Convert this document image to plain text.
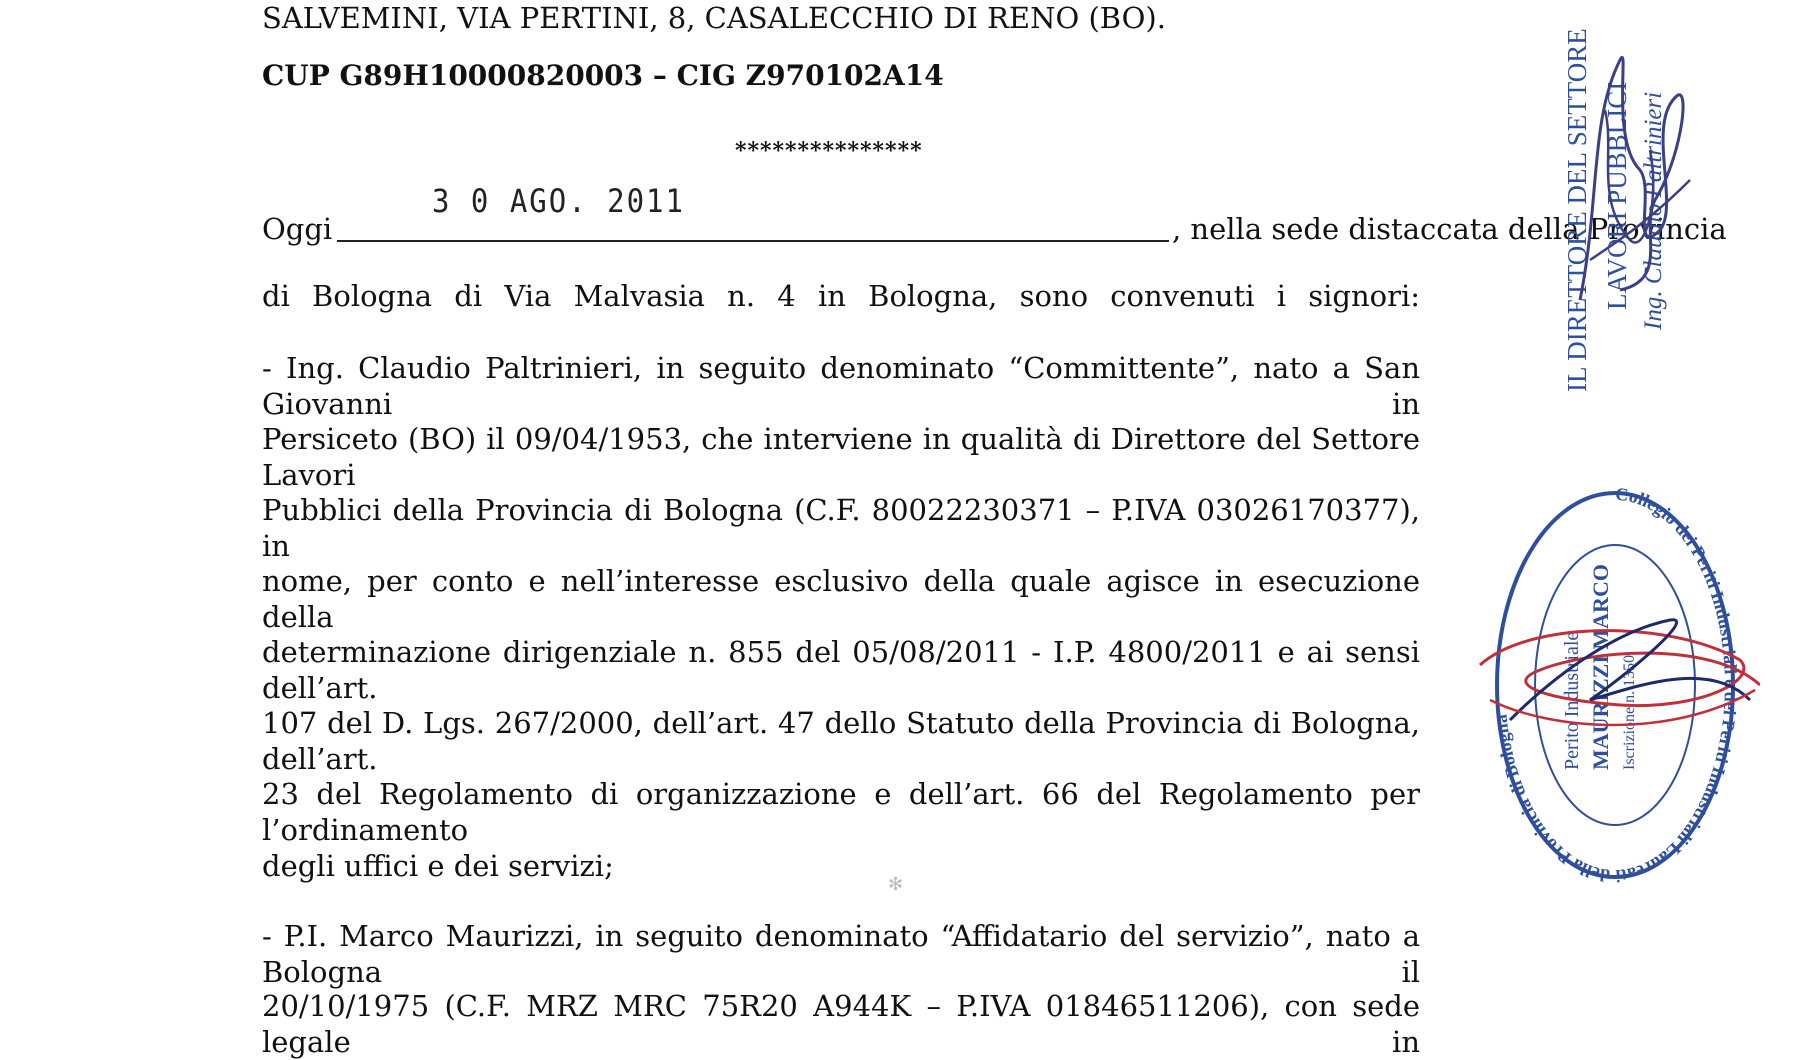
SALVEMINI, VIA PERTINI, 8, CASALECCHIO DI RENO (BO).
CUP G89H10000820003 – CIG Z970102A14
***************
3 0 AGO. 2011
Oggi	, nella sede distaccata della Provincia
di Bologna di Via Malvasia n. 4 in Bologna, sono convenuti i signori:
- Ing. Claudio Paltrinieri, in seguito denominato “Committente”, nato a San Giovanni in
Persiceto (BO) il 09/04/1953, che interviene in qualità di Direttore del Settore Lavori
Pubblici della Provincia di Bologna (C.F. 80022230371 – P.IVA 03026170377), in
nome, per conto e nell’interesse esclusivo della quale agisce in esecuzione della
determinazione dirigenziale n. 855 del 05/08/2011 - I.P. 4800/2011 e ai sensi dell’art.
107 del D. Lgs. 267/2000, dell’art. 47 dello Statuto della Provincia di Bologna, dell’art.
23 del Regolamento di organizzazione e dell’art. 66 del Regolamento per l’ordinamento
degli uffici e dei servizi;
- P.I. Marco Maurizzi, in seguito denominato “Affidatario del servizio”, nato a Bologna il
20/10/1975 (C.F. MRZ MRC 75R20 A944K – P.IVA 01846511206), con sede legale in
✻
IL DIRETTORE DEL SETTORE LAVORI PUBBLICI Ing. Claudio Paltrinieri
Collegio dei Periti Industriali e dei Periti Industriali Laureati della Provincia di Bologna	Perito Industriale MAURIZZI MARCO Iscrizione n. 1350
